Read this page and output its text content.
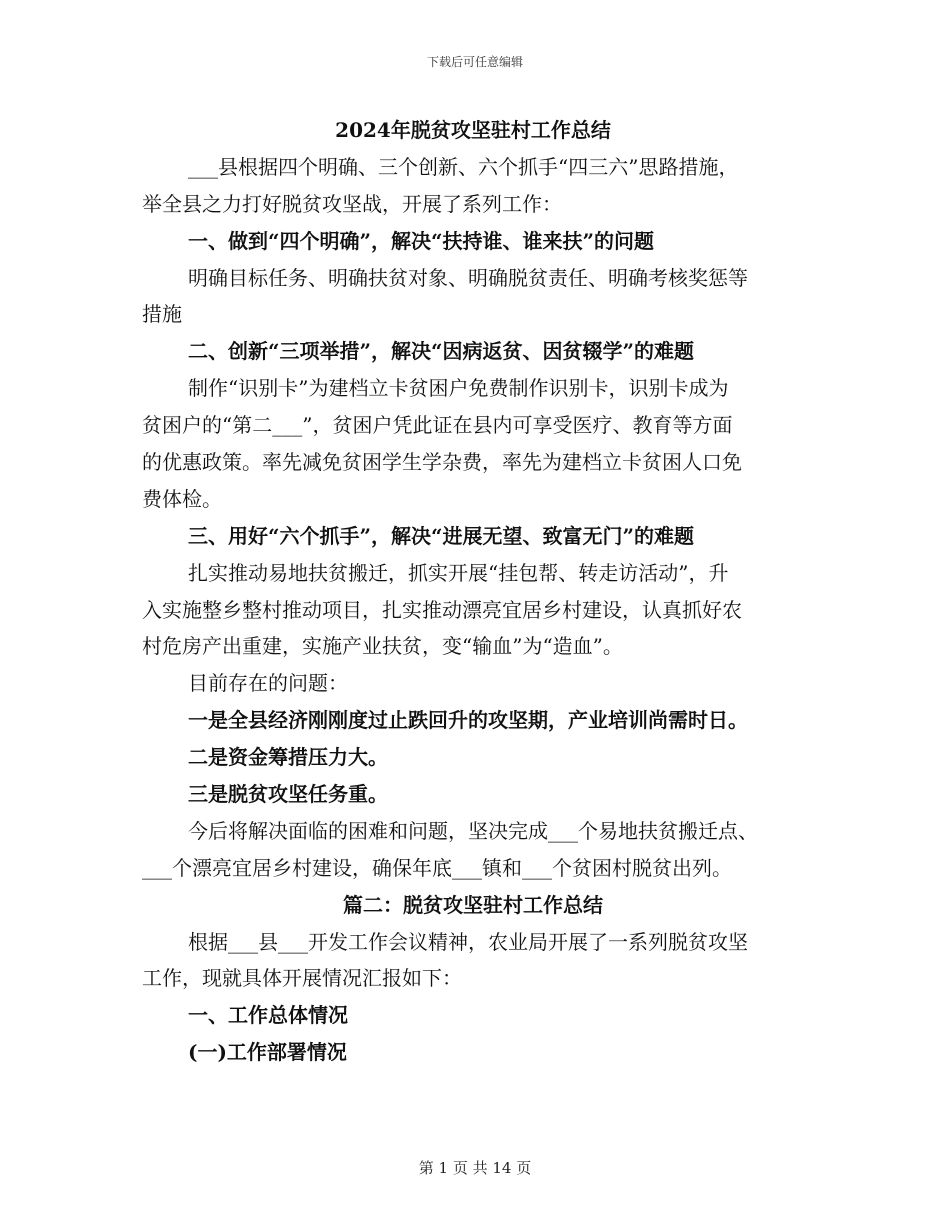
下载后可任意编辑
2024年脱贫攻坚驻村工作总结
___县根据四个明确、三个创新、六个抓手“四三六”思路措施，
举全县之力打好脱贫攻坚战，开展了系列工作：
一、做到“四个明确”，解决“扶持谁、谁来扶”的问题
明确目标任务、明确扶贫对象、明确脱贫责任、明确考核奖惩等
措施
二、创新“三项举措”，解决“因病返贫、因贫辍学”的难题
制作“识别卡”为建档立卡贫困户免费制作识别卡，识别卡成为
贫困户的“第二___”，贫困户凭此证在县内可享受医疗、教育等方面
的优惠政策。率先减免贫困学生学杂费，率先为建档立卡贫困人口免
费体检。
三、用好“六个抓手”，解决“进展无望、致富无门”的难题
扎实推动易地扶贫搬迁，抓实开展“挂包帮、转走访活动”，升
入实施整乡整村推动项目，扎实推动漂亮宜居乡村建设，认真抓好农
村危房产出重建，实施产业扶贫，变“输血”为“造血”。
目前存在的问题：
一是全县经济刚刚度过止跌回升的攻坚期，产业培训尚需时日。
二是资金筹措压力大。
三是脱贫攻坚任务重。
今后将解决面临的困难和问题，坚决完成___个易地扶贫搬迁点、
___个漂亮宜居乡村建设，确保年底___镇和___个贫困村脱贫出列。
篇二：脱贫攻坚驻村工作总结
根据___县___开发工作会议精神，农业局开展了一系列脱贫攻坚
工作，现就具体开展情况汇报如下：
一、工作总体情况
(一)工作部署情况
第 1 页 共 14 页
